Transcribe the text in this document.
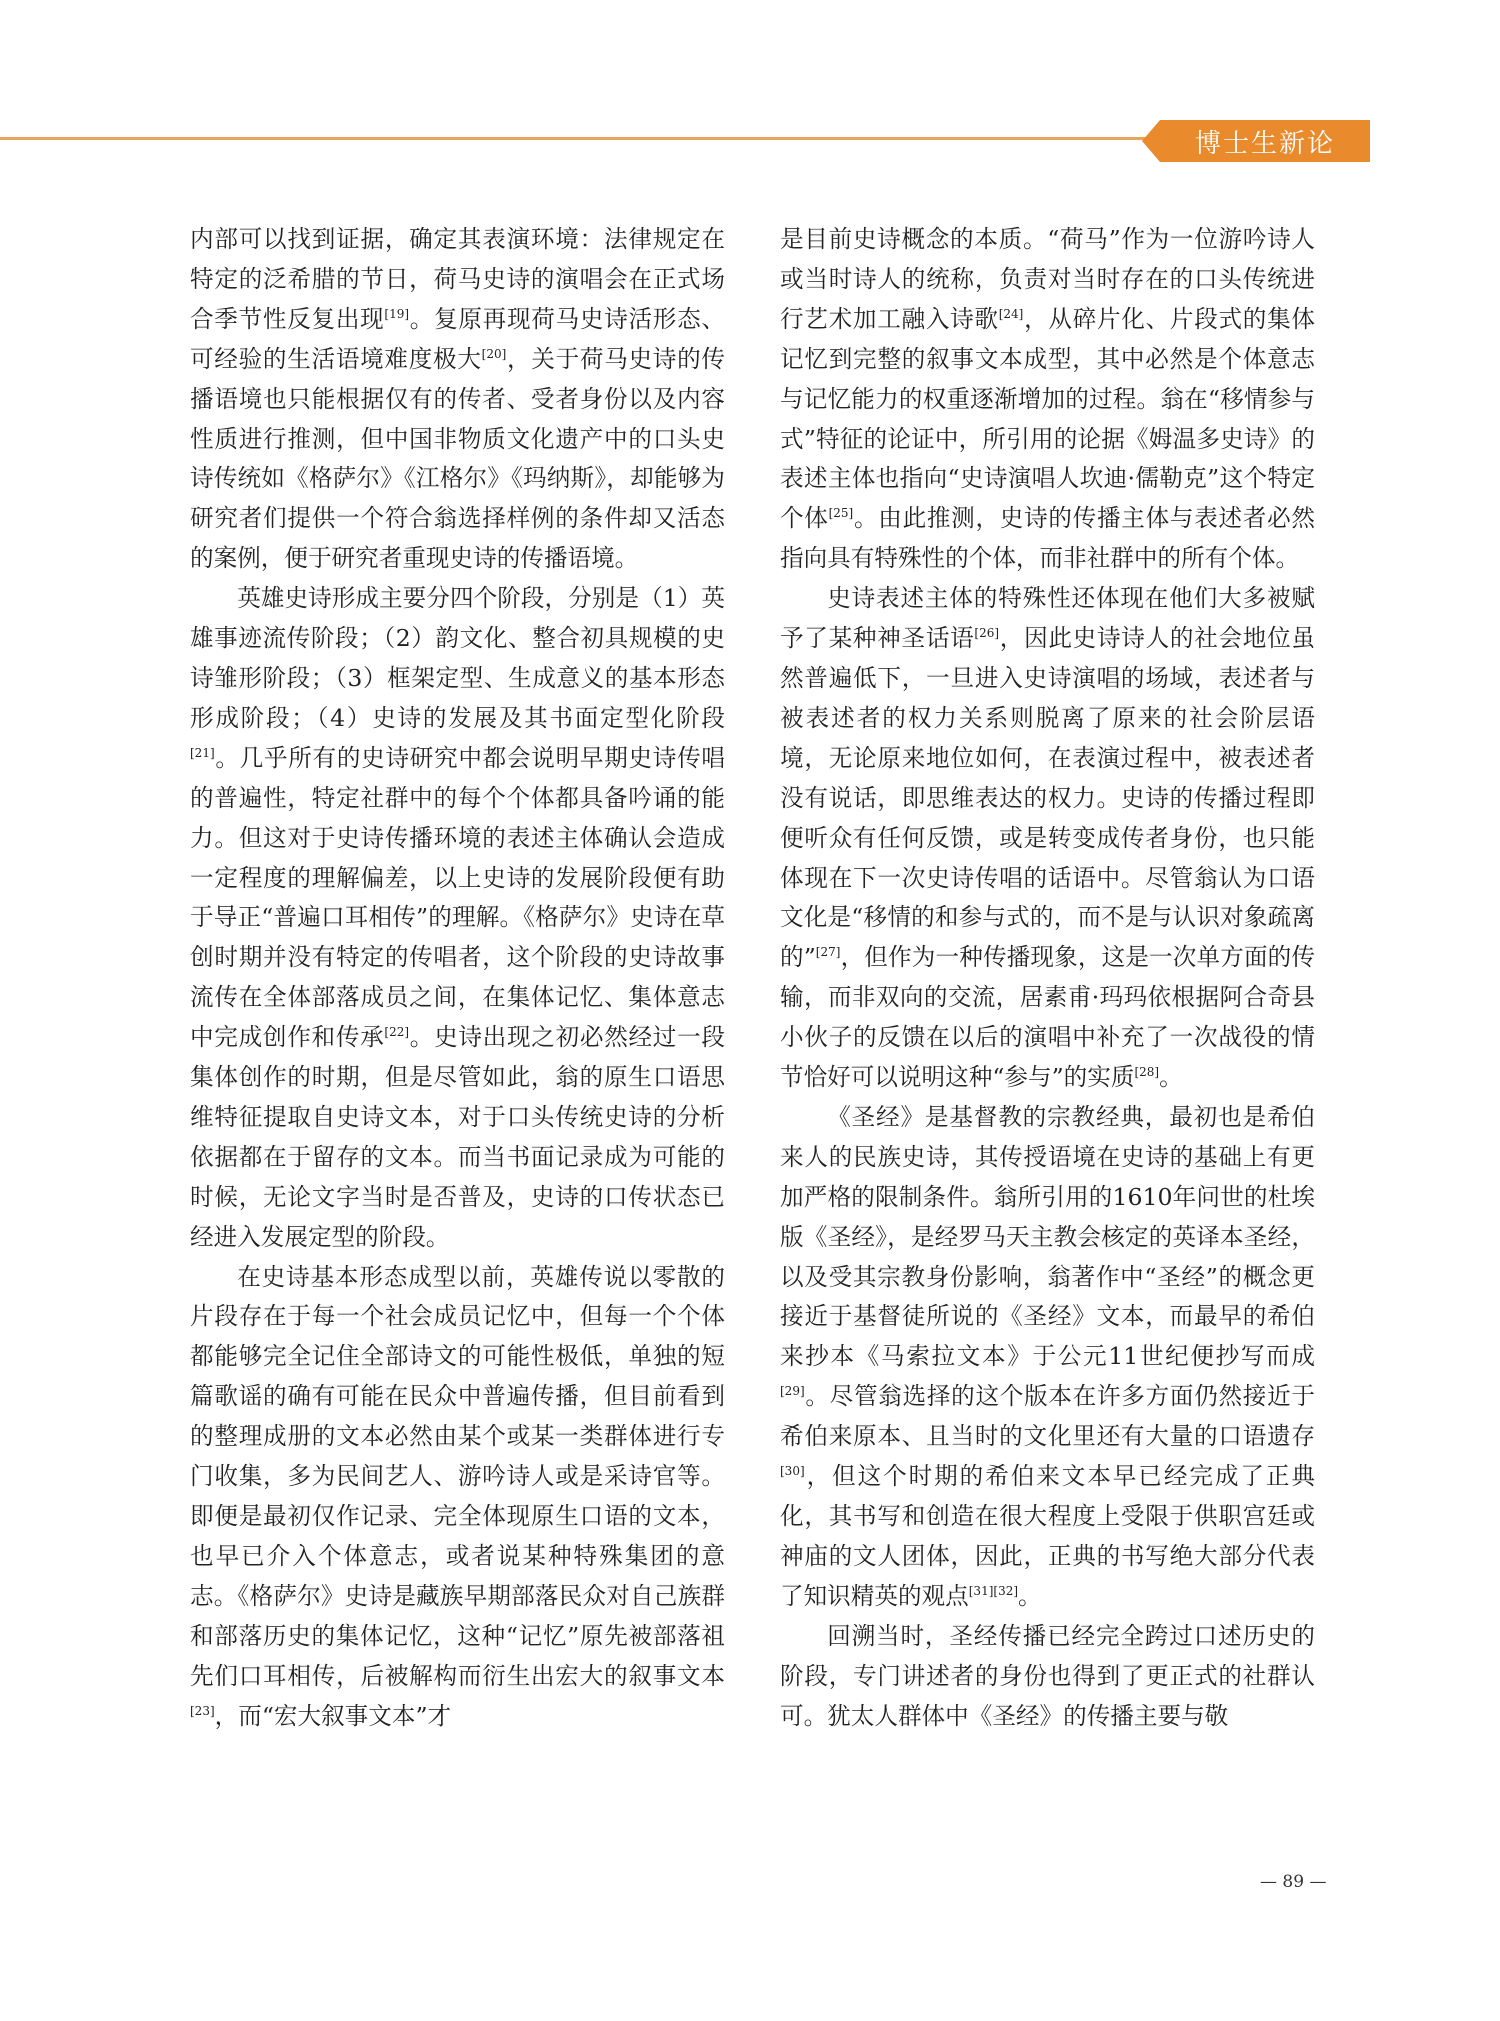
博士生新论

内部可以找到证据，确定其表演环境：法律规定在特定的泛希腊的节日，荷马史诗的演唱会在正式场合季节性反复出现[19]。复原再现荷马史诗活形态、可经验的生活语境难度极大[20]，关于荷马史诗的传播语境也只能根据仅有的传者、受者身份以及内容性质进行推测，但中国非物质文化遗产中的口头史诗传统如《格萨尔》《江格尔》《玛纳斯》，却能够为研究者们提供一个符合翁选择样例的条件却又活态的案例，便于研究者重现史诗的传播语境。

英雄史诗形成主要分四个阶段，分别是（1）英雄事迹流传阶段；（2）韵文化、整合初具规模的史诗雏形阶段；（3）框架定型、生成意义的基本形态形成阶段；（4）史诗的发展及其书面定型化阶段[21]。几乎所有的史诗研究中都会说明早期史诗传唱的普遍性，特定社群中的每个个体都具备吟诵的能力。但这对于史诗传播环境的表述主体确认会造成一定程度的理解偏差，以上史诗的发展阶段便有助于导正“普遍口耳相传”的理解。《格萨尔》史诗在草创时期并没有特定的传唱者，这个阶段的史诗故事流传在全体部落成员之间，在集体记忆、集体意志中完成创作和传承[22]。史诗出现之初必然经过一段集体创作的时期，但是尽管如此，翁的原生口语思维特征提取自史诗文本，对于口头传统史诗的分析依据都在于留存的文本。而当书面记录成为可能的时候，无论文字当时是否普及，史诗的口传状态已经进入发展定型的阶段。

在史诗基本形态成型以前，英雄传说以零散的片段存在于每一个社会成员记忆中，但每一个个体都能够完全记住全部诗文的可能性极低，单独的短篇歌谣的确有可能在民众中普遍传播，但目前看到的整理成册的文本必然由某个或某一类群体进行专门收集，多为民间艺人、游吟诗人或是采诗官等。即便是最初仅作记录、完全体现原生口语的文本，也早已介入个体意志，或者说某种特殊集团的意志。《格萨尔》史诗是藏族早期部落民众对自己族群和部落历史的集体记忆，这种“记忆”原先被部落祖先们口耳相传，后被解构而衍生出宏大的叙事文本[23]，而“宏大叙事文本”才

是目前史诗概念的本质。“荷马”作为一位游吟诗人或当时诗人的统称，负责对当时存在的口头传统进行艺术加工融入诗歌[24]，从碎片化、片段式的集体记忆到完整的叙事文本成型，其中必然是个体意志与记忆能力的权重逐渐增加的过程。翁在“移情参与式”特征的论证中，所引用的论据《姆温多史诗》的表述主体也指向“史诗演唱人坎迪·儒勒克”这个特定个体[25]。由此推测，史诗的传播主体与表述者必然指向具有特殊性的个体，而非社群中的所有个体。

史诗表述主体的特殊性还体现在他们大多被赋予了某种神圣话语[26]，因此史诗诗人的社会地位虽然普遍低下，一旦进入史诗演唱的场域，表述者与被表述者的权力关系则脱离了原来的社会阶层语境，无论原来地位如何，在表演过程中，被表述者没有说话，即思维表达的权力。史诗的传播过程即便听众有任何反馈，或是转变成传者身份，也只能体现在下一次史诗传唱的话语中。尽管翁认为口语文化是“移情的和参与式的，而不是与认识对象疏离的”[27]，但作为一种传播现象，这是一次单方面的传输，而非双向的交流，居素甫·玛玛依根据阿合奇县小伙子的反馈在以后的演唱中补充了一次战役的情节恰好可以说明这种“参与”的实质[28]。

《圣经》是基督教的宗教经典，最初也是希伯来人的民族史诗，其传授语境在史诗的基础上有更加严格的限制条件。翁所引用的1610年问世的杜埃版《圣经》，是经罗马天主教会核定的英译本圣经，以及受其宗教身份影响，翁著作中“圣经”的概念更接近于基督徒所说的《圣经》文本，而最早的希伯来抄本《马索拉文本》于公元11世纪便抄写而成[29]。尽管翁选择的这个版本在许多方面仍然接近于希伯来原本、且当时的文化里还有大量的口语遗存[30]，但这个时期的希伯来文本早已经完成了正典化，其书写和创造在很大程度上受限于供职宫廷或神庙的文人团体，因此，正典的书写绝大部分代表了知识精英的观点[31][32]。

回溯当时，圣经传播已经完全跨过口述历史的阶段，专门讲述者的身份也得到了更正式的社群认可。犹太人群体中《圣经》的传播主要与敬

— 89 —
